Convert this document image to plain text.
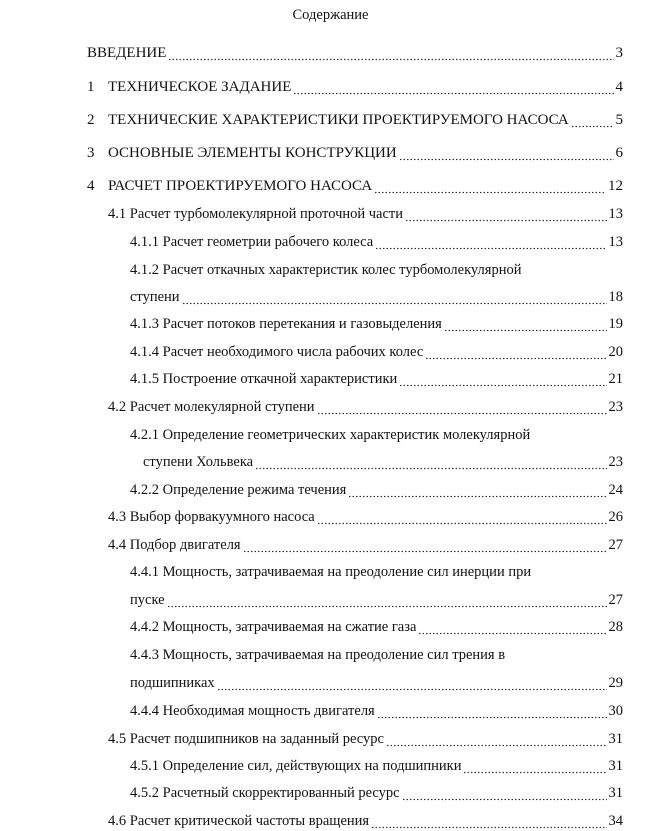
Содержание
ВВЕДЕНИЕ	3
1 ТЕХНИЧЕСКОЕ ЗАДАНИЕ	4
2 ТЕХНИЧЕСКИЕ ХАРАКТЕРИСТИКИ ПРОЕКТИРУЕМОГО НАСОСА	5
3 ОСНОВНЫЕ ЭЛЕМЕНТЫ КОНСТРУКЦИИ	6
4 РАСЧЕТ ПРОЕКТИРУЕМОГО НАСОСА	12
4.1 Расчет турбомолекулярной проточной части	13
4.1.1 Расчет геометрии рабочего колеса	13
4.1.2 Расчет откачных характеристик колес турбомолекулярной
ступени	18
4.1.3 Расчет потоков перетекания и газовыделения	19
4.1.4 Расчет необходимого числа рабочих колес	20
4.1.5 Построение откачной характеристики	21
4.2 Расчет молекулярной ступени	23
4.2.1 Определение геометрических характеристик молекулярной
ступени Хольвека	23
4.2.2 Определение режима течения	24
4.3 Выбор форвакуумного насоса	26
4.4 Подбор двигателя	27
4.4.1 Мощность, затрачиваемая на преодоление сил инерции при
пуске	27
4.4.2 Мощность, затрачиваемая на сжатие газа	28
4.4.3 Мощность, затрачиваемая на преодоление сил трения в
подшипниках	29
4.4.4 Необходимая мощность двигателя	30
4.5 Расчет подшипников на заданный ресурс	31
4.5.1 Определение сил, действующих на подшипники	31
4.5.2 Расчетный скорректированный ресурс	31
4.6 Расчет критической частоты вращения	34
